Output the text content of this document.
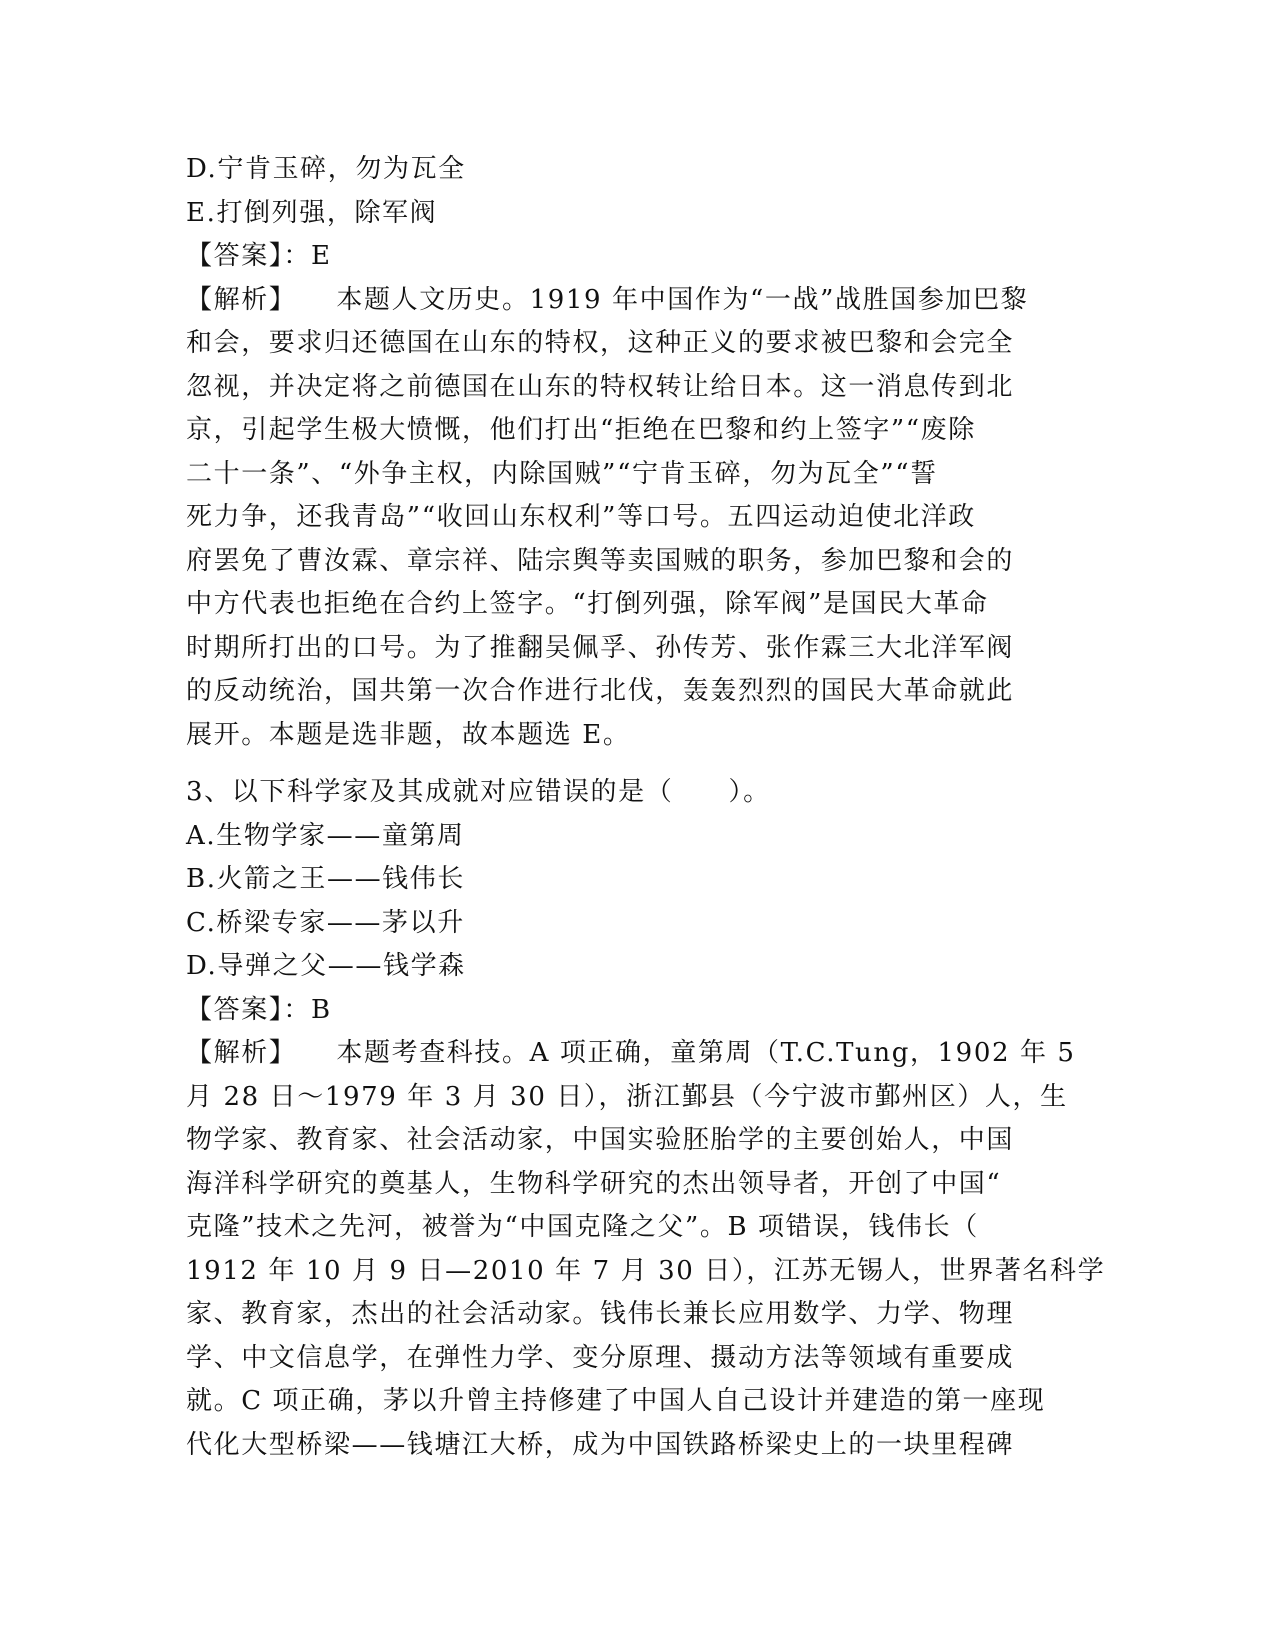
D.宁肯玉碎，勿为瓦全
E.打倒列强，除军阀
【答案】：E
【解析】 本题人文历史。1919 年中国作为“一战”战胜国参加巴黎
和会，要求归还德国在山东的特权，这种正义的要求被巴黎和会完全
忽视，并决定将之前德国在山东的特权转让给日本。这一消息传到北
京，引起学生极大愤慨，他们打出“拒绝在巴黎和约上签字”“废除
二十一条”、“外争主权，内除国贼”“宁肯玉碎，勿为瓦全”“誓
死力争，还我青岛”“收回山东权利”等口号。五四运动迫使北洋政
府罢免了曹汝霖、章宗祥、陆宗舆等卖国贼的职务，参加巴黎和会的
中方代表也拒绝在合约上签字。“打倒列强，除军阀”是国民大革命
时期所打出的口号。为了推翻吴佩孚、孙传芳、张作霖三大北洋军阀
的反动统治，国共第一次合作进行北伐，轰轰烈烈的国民大革命就此
展开。本题是选非题，故本题选 E。
3、以下科学家及其成就对应错误的是（　　）。
A.生物学家——童第周
B.火箭之王——钱伟长
C.桥梁专家——茅以升
D.导弹之父——钱学森
【答案】：B
【解析】 本题考查科技。A 项正确，童第周（T.C.Tung，1902 年 5
月 28 日～1979 年 3 月 30 日），浙江鄞县（今宁波市鄞州区）人，生
物学家、教育家、社会活动家，中国实验胚胎学的主要创始人，中国
海洋科学研究的奠基人，生物科学研究的杰出领导者，开创了中国“
克隆”技术之先河，被誉为“中国克隆之父”。B 项错误，钱伟长（
1912 年 10 月 9 日—2010 年 7 月 30 日），江苏无锡人，世界著名科学
家、教育家，杰出的社会活动家。钱伟长兼长应用数学、力学、物理
学、中文信息学，在弹性力学、变分原理、摄动方法等领域有重要成
就。C 项正确，茅以升曾主持修建了中国人自己设计并建造的第一座现
代化大型桥梁——钱塘江大桥，成为中国铁路桥梁史上的一块里程碑
